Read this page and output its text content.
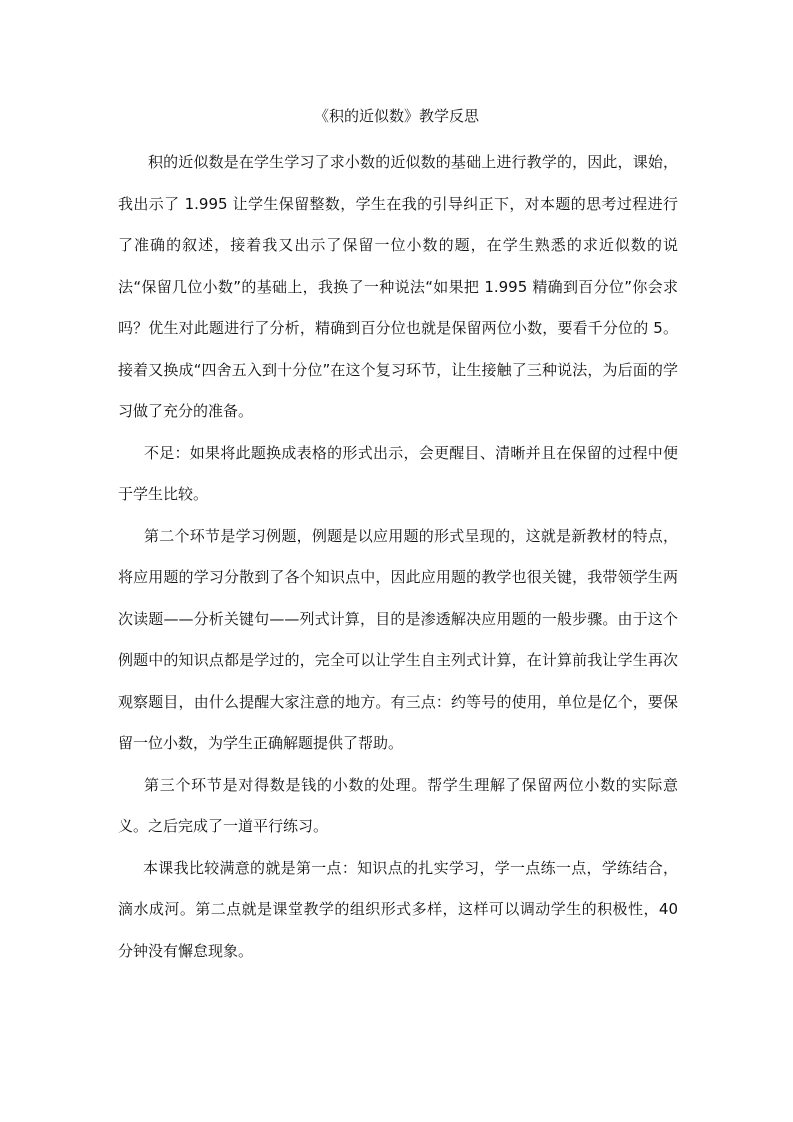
《积的近似数》教学反思

积的近似数是在学生学习了求小数的近似数的基础上进行教学的，因此，课始，我出示了 1.995 让学生保留整数，学生在我的引导纠正下，对本题的思考过程进行了准确的叙述，接着我又出示了保留一位小数的题，在学生熟悉的求近似数的说法“保留几位小数”的基础上，我换了一种说法“如果把 1.995 精确到百分位”你会求吗？优生对此题进行了分析，精确到百分位也就是保留两位小数，要看千分位的 5。接着又换成“四舍五入到十分位”在这个复习环节，让生接触了三种说法，为后面的学习做了充分的准备。

不足：如果将此题换成表格的形式出示，会更醒目、清晰并且在保留的过程中便于学生比较。

第二个环节是学习例题，例题是以应用题的形式呈现的，这就是新教材的特点，将应用题的学习分散到了各个知识点中，因此应用题的教学也很关键，我带领学生两次读题——分析关键句——列式计算，目的是渗透解决应用题的一般步骤。由于这个例题中的知识点都是学过的，完全可以让学生自主列式计算，在计算前我让学生再次观察题目，由什么提醒大家注意的地方。有三点：约等号的使用，单位是亿个，要保留一位小数，为学生正确解题提供了帮助。

第三个环节是对得数是钱的小数的处理。帮学生理解了保留两位小数的实际意义。之后完成了一道平行练习。

本课我比较满意的就是第一点：知识点的扎实学习，学一点练一点，学练结合，滴水成河。第二点就是课堂教学的组织形式多样，这样可以调动学生的积极性，40 分钟没有懈怠现象。
